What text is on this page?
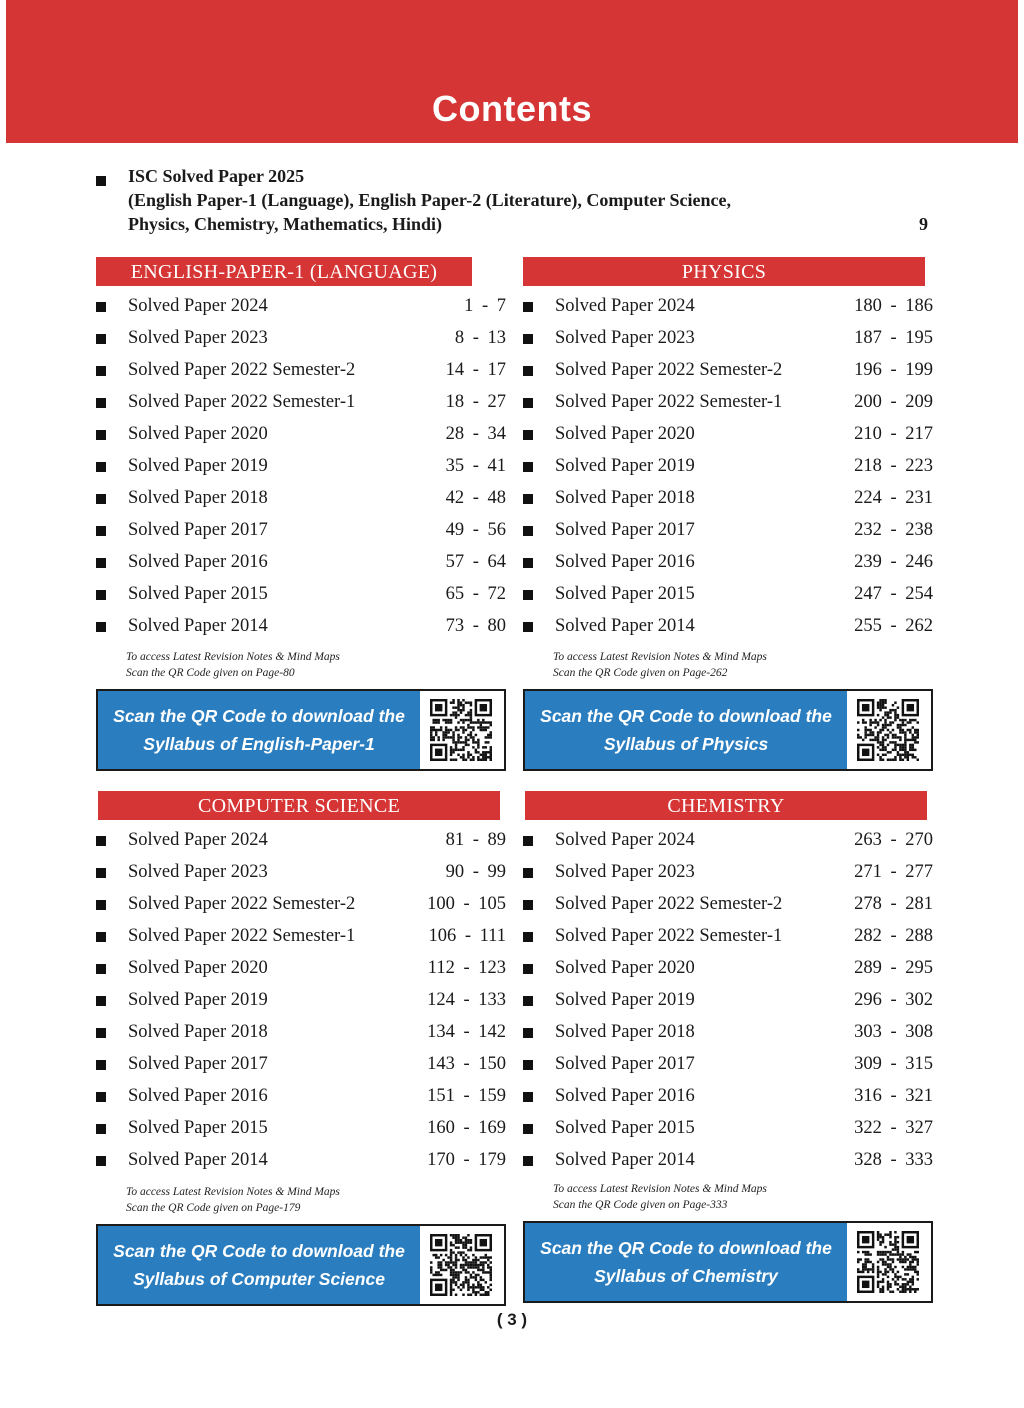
Contents
ISC Solved Paper 2025
(English Paper-1 (Language), English Paper-2 (Literature), Computer Science,
Physics, Chemistry, Mathematics, Hindi)	9
ENGLISH-PAPER-1 (LANGUAGE)
Solved Paper 2024	1 - 7
Solved Paper 2023	8 - 13
Solved Paper 2022 Semester-2	14 - 17
Solved Paper 2022 Semester-1	18 - 27
Solved Paper 2020	28 - 34
Solved Paper 2019	35 - 41
Solved Paper 2018	42 - 48
Solved Paper 2017	49 - 56
Solved Paper 2016	57 - 64
Solved Paper 2015	65 - 72
Solved Paper 2014	73 - 80
To access Latest Revision Notes & Mind Maps
Scan the QR Code given on Page-80
Scan the QR Code to download the
Syllabus of English-Paper-1
PHYSICS
Solved Paper 2024	180 - 186
Solved Paper 2023	187 - 195
Solved Paper 2022 Semester-2	196 - 199
Solved Paper 2022 Semester-1	200 - 209
Solved Paper 2020	210 - 217
Solved Paper 2019	218 - 223
Solved Paper 2018	224 - 231
Solved Paper 2017	232 - 238
Solved Paper 2016	239 - 246
Solved Paper 2015	247 - 254
Solved Paper 2014	255 - 262
To access Latest Revision Notes & Mind Maps
Scan the QR Code given on Page-262
Scan the QR Code to download the
Syllabus of Physics
COMPUTER SCIENCE
Solved Paper 2024	81 - 89
Solved Paper 2023	90 - 99
Solved Paper 2022 Semester-2	100 - 105
Solved Paper 2022 Semester-1	106 - 111
Solved Paper 2020	112 - 123
Solved Paper 2019	124 - 133
Solved Paper 2018	134 - 142
Solved Paper 2017	143 - 150
Solved Paper 2016	151 - 159
Solved Paper 2015	160 - 169
Solved Paper 2014	170 - 179
To access Latest Revision Notes & Mind Maps
Scan the QR Code given on Page-179
Scan the QR Code to download the
Syllabus of Computer Science
CHEMISTRY
Solved Paper 2024	263 - 270
Solved Paper 2023	271 - 277
Solved Paper 2022 Semester-2	278 - 281
Solved Paper 2022 Semester-1	282 - 288
Solved Paper 2020	289 - 295
Solved Paper 2019	296 - 302
Solved Paper 2018	303 - 308
Solved Paper 2017	309 - 315
Solved Paper 2016	316 - 321
Solved Paper 2015	322 - 327
Solved Paper 2014	328 - 333
To access Latest Revision Notes & Mind Maps
Scan the QR Code given on Page-333
Scan the QR Code to download the
Syllabus of Chemistry
( 3 )
